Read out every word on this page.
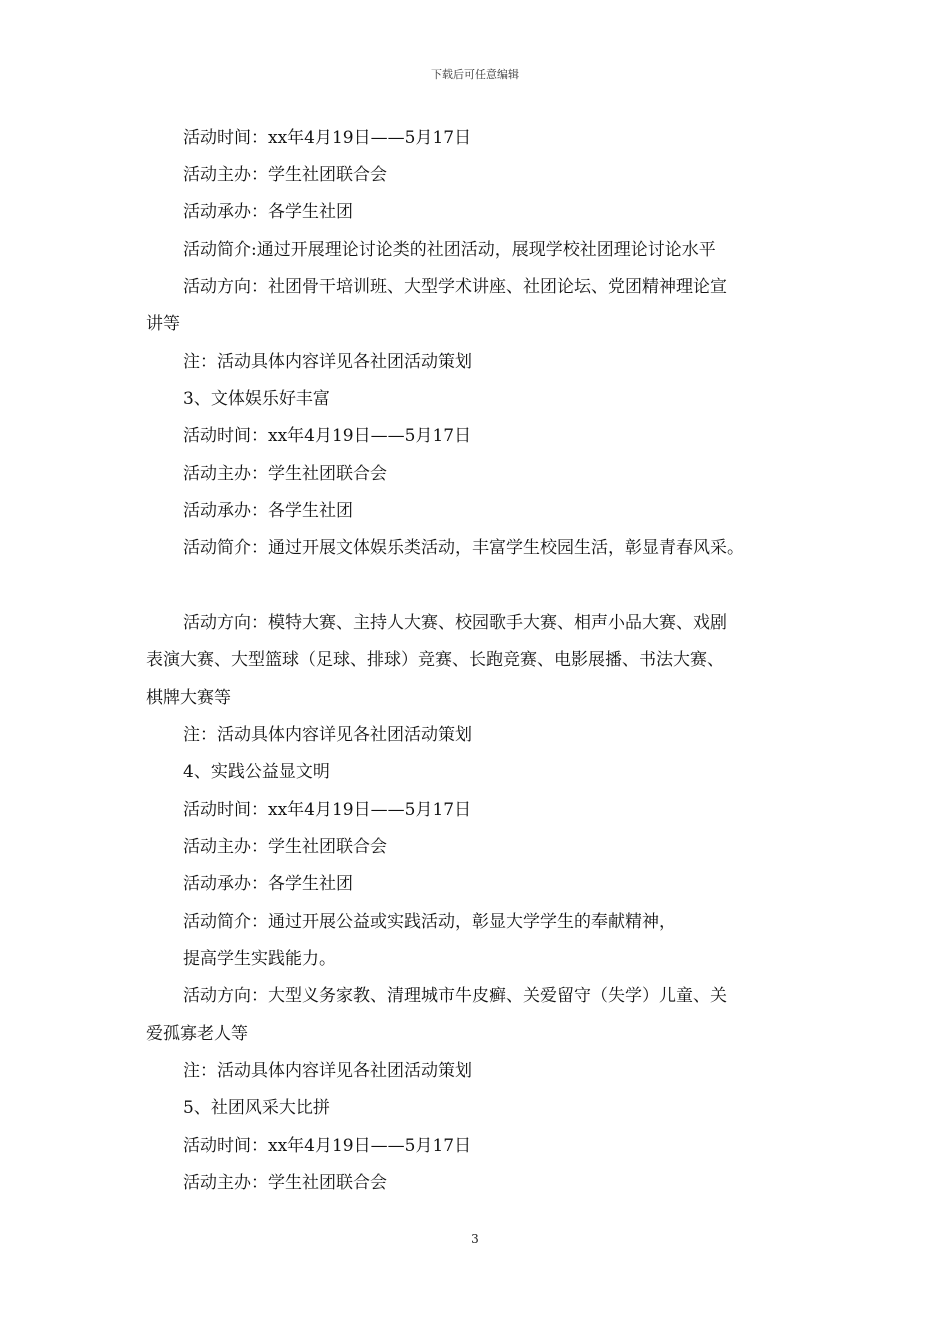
下载后可任意编辑
活动时间：xx年4月19日——5月17日
活动主办：学生社团联合会
活动承办：各学生社团
活动简介:通过开展理论讨论类的社团活动，展现学校社团理论讨论水平
活动方向：社团骨干培训班、大型学术讲座、社团论坛、党团精神理论宣
讲等
注：活动具体内容详见各社团活动策划
3、文体娱乐好丰富
活动时间：xx年4月19日——5月17日
活动主办：学生社团联合会
活动承办：各学生社团
活动简介：通过开展文体娱乐类活动，丰富学生校园生活，彰显青春风采。
活动方向：模特大赛、主持人大赛、校园歌手大赛、相声小品大赛、戏剧
表演大赛、大型篮球（足球、排球）竞赛、长跑竞赛、电影展播、书法大赛、
棋牌大赛等
注：活动具体内容详见各社团活动策划
4、实践公益显文明
活动时间：xx年4月19日——5月17日
活动主办：学生社团联合会
活动承办：各学生社团
活动简介：通过开展公益或实践活动，彰显大学学生的奉献精神，
提高学生实践能力。
活动方向：大型义务家教、清理城市牛皮癣、关爱留守（失学）儿童、关
爱孤寡老人等
注：活动具体内容详见各社团活动策划
5、社团风采大比拼
活动时间：xx年4月19日——5月17日
活动主办：学生社团联合会
3
